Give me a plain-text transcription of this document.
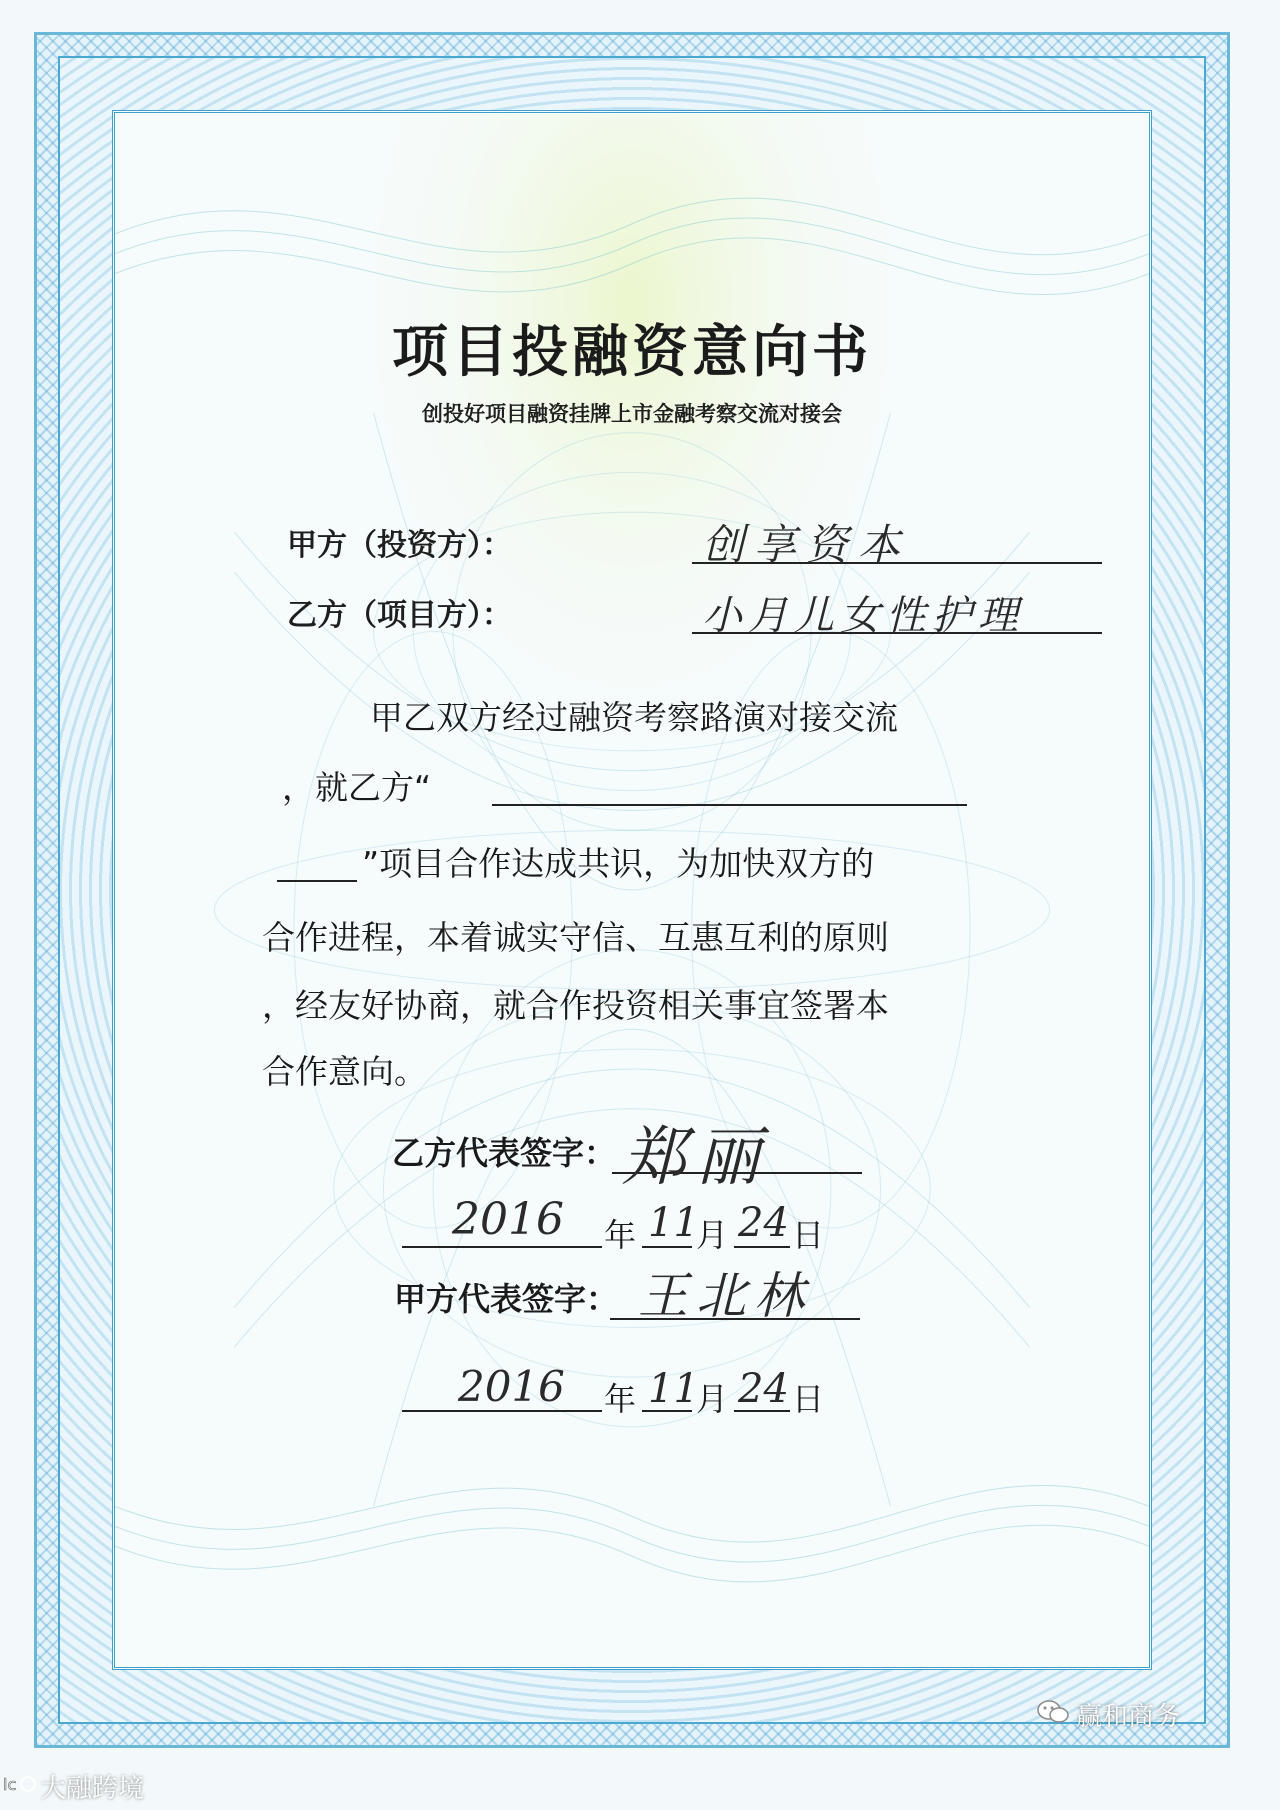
项目投融资意向书
创投好项目融资挂牌上市金融考察交流对接会
甲方（投资方）：	创享资本
乙方（项目方）：	小月儿女性护理
甲乙双方经过融资考察路演对接交流
，就乙方“
”项目合作达成共识，为加快双方的
合作进程，本着诚实守信、互惠互利的原则
，经友好协商，就合作投资相关事宜签署本
合作意向。
乙方代表签字： 郑丽
2016 年 11
月 24 日
甲方代表签字： 王北林
2016 年 11
月 24 日
赢和商务
lc 大融跨境
